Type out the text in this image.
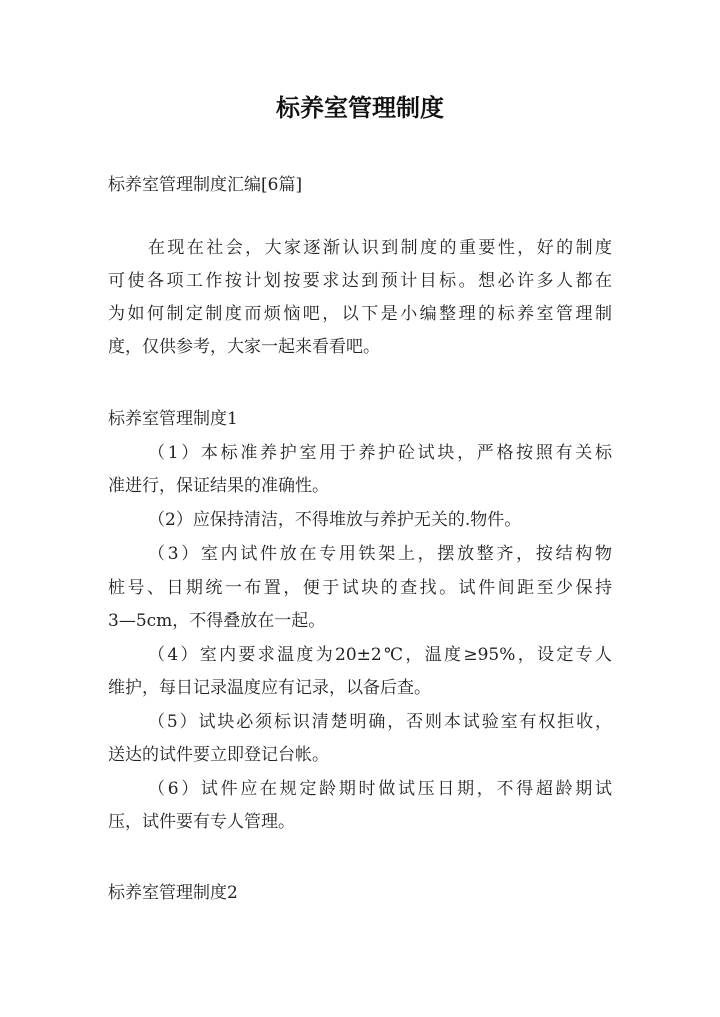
标养室管理制度
标养室管理制度汇编[6篇]
在现在社会，大家逐渐认识到制度的重要性，好的制度
可使各项工作按计划按要求达到预计目标。想必许多人都在
为如何制定制度而烦恼吧，以下是小编整理的标养室管理制
度，仅供参考，大家一起来看看吧。
标养室管理制度1
（1）本标准养护室用于养护砼试块，严格按照有关标
准进行，保证结果的准确性。
（2）应保持清洁，不得堆放与养护无关的.物件。
（3）室内试件放在专用铁架上，摆放整齐，按结构物
桩号、日期统一布置，便于试块的查找。试件间距至少保持
3—5cm，不得叠放在一起。
（4）室内要求温度为20±2℃，温度≥95%，设定专人
维护，每日记录温度应有记录，以备后查。
（5）试块必须标识清楚明确，否则本试验室有权拒收，
送达的试件要立即登记台帐。
（6）试件应在规定龄期时做试压日期，不得超龄期试
压，试件要有专人管理。
标养室管理制度2
